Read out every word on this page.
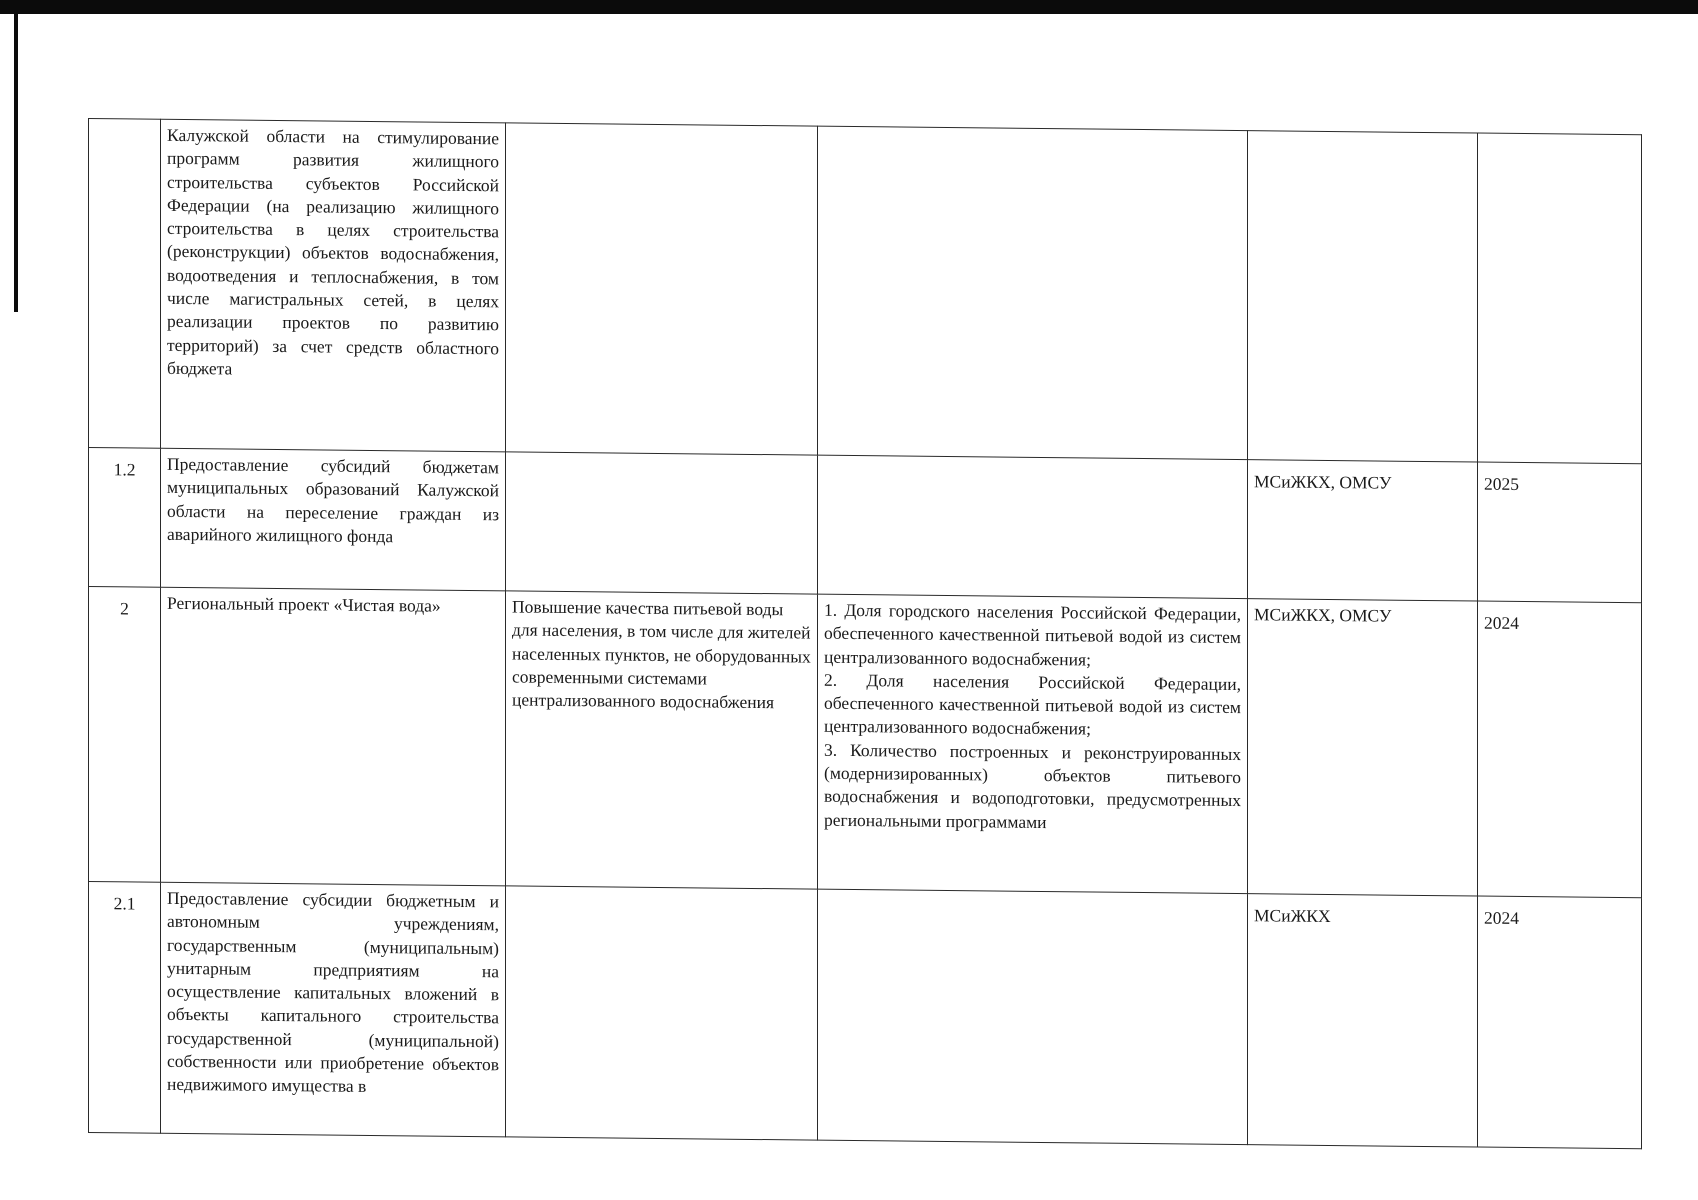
	Калужской области на стимулирование программ развития жилищного строительства субъектов Российской Федерации (на реализацию жилищного строительства в целях строительства (реконструкции) объектов водоснабжения, водоотведения и теплоснабжения, в том числе магистральных сетей, в целях реализации проектов по развитию территорий) за счет средств областного бюджета				
1.2	Предоставление субсидий бюджетам муниципальных образований Калужской области на переселение граждан из аварийного жилищного фонда			МСиЖКХ, ОМСУ	2025
2	Региональный проект «Чистая вода»	Повышение качества питьевой воды для населения, в том числе для жителей населенных пунктов, не оборудованных современными системами централизованного водоснабжения	1. Доля городского населения Российской Федерации, обеспеченного качественной питьевой водой из систем централизованного водоснабжения;

2. Доля населения Российской Федерации, обеспеченного качественной питьевой водой из систем централизованного водоснабжения;

3. Количество построенных и реконструированных (модернизированных) объектов питьевого водоснабжения и водоподготовки, предусмотренных региональными программами	МСиЖКХ, ОМСУ	2024
2.1	Предоставление субсидии бюджетным и автономным учреждениям, государственным (муниципальным) унитарным предприятиям на осуществление капитальных вложений в объекты капитального строительства государственной (муниципальной) собственности или приобретение объектов недвижимого имущества в			МСиЖКХ	2024
